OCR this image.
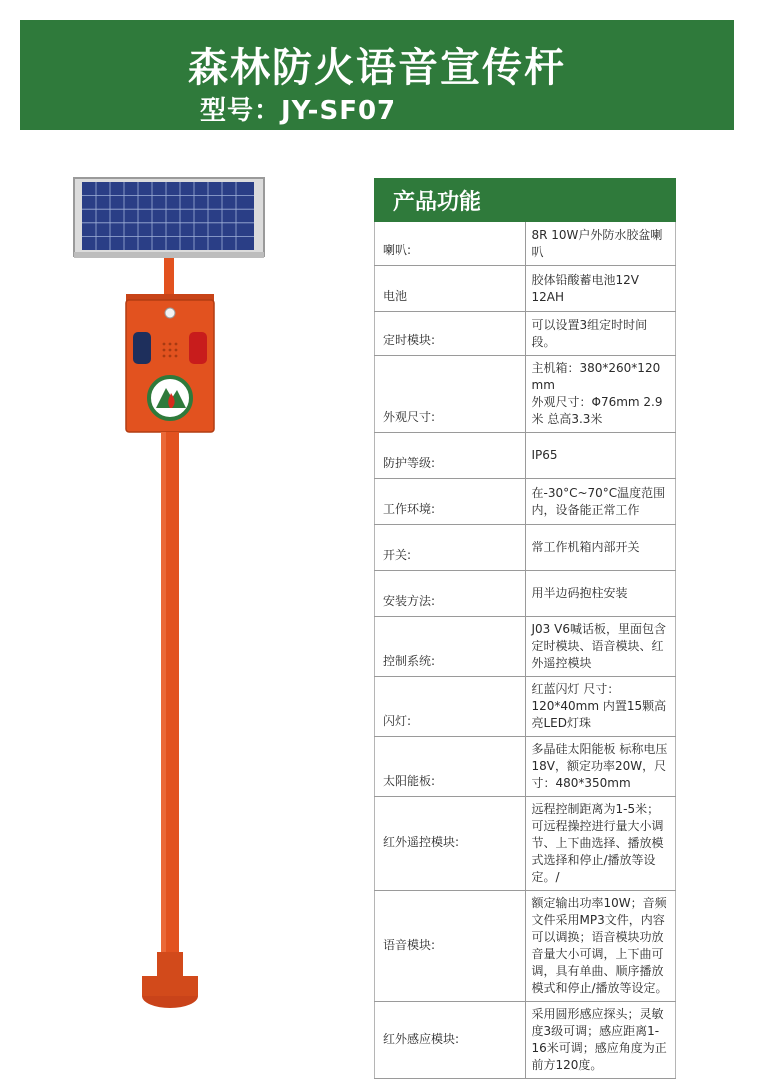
森林防火语音宣传杆
型号：JY-SF07
产品功能	
喇叭:	8R 10W户外防水胶盆喇叭
电池	胶体铅酸蓄电池12V 12AH
定时模块:	可以设置3组定时时间段。
外观尺寸:	主机箱：380*260*120 mm
外观尺寸：Φ76mm 2.9米 总高3.3米
防护等级:	IP65
工作环境:	在-30°C~70°C温度范围内，设备能正常工作
开关:	常工作机箱内部开关
安装方法:	用半边码抱柱安装
控制系统:	J03 V6喊话板，里面包含定时模块、语音模块、红外遥控模块
闪灯:	红蓝闪灯 尺寸：120*40mm 内置15颗高亮LED灯珠
太阳能板:	多晶硅太阳能板 标称电压18V，额定功率20W，尺寸：480*350mm
红外遥控模块:	远程控制距离为1-5米；可远程操控进行量大小调节、上下曲选择、播放模式选择和停止/播放等设定。/
语音模块:	额定输出功率10W；音频文件采用MP3文件，内容可以调换；语音模块功放音量大小可调，上下曲可调，具有单曲、顺序播放模式和停止/播放等设定。
红外感应模块:	采用圆形感应探头；灵敏度3级可调；感应距离1-16米可调；感应角度为正前方120度。
